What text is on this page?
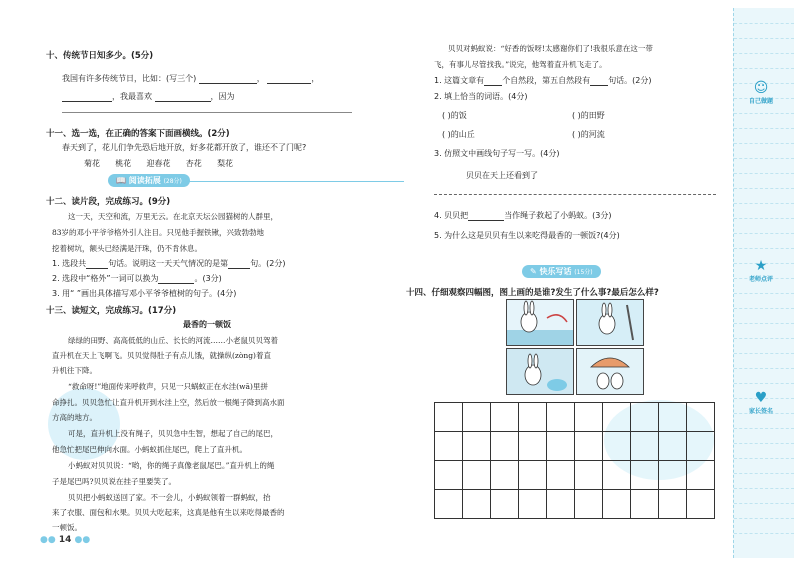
十、传统节日知多少。(5分)
我国有许多传统节日，比如：(写三个)	，	，
，我最喜欢	，因为
十一、选一选，在正确的答案下面画横线。(2分)
春天到了，花儿们争先恐后地开放，好多花都开放了，谁还不了门呢?
菊花 桃花 迎春花 杏花 梨花
📖 阅读拓展 (28分)
十二、读片段，完成练习。(9分)
这一天，天空和流，万里无云。在北京天坛公园猫树的人群里，
83岁的邓小平爷爷格外引人注目。只见他手握铁锹，兴致勃勃地
挖着树坑，额头已经满是汗珠，仍不肯休息。
1. 选段共	句话。说明这一天天气情况的是第	句。(2分)
2. 选段中“格外”一词可以换为	。(3分)
3. 用“ ”画出具体描写邓小平爷爷植树的句子。(4分)
十三、读短文，完成练习。(17分)
最香的一顿饭
绿绿的田野、高高低低的山丘、长长的河流……小老鼠贝贝驾着
直升机在天上飞啊飞。贝贝觉得肚子有点儿饿，就操纵(zòng)着直
升机往下降。
“救命呀!”地面传来呼救声，只见一只蜗蚁正在水洼(wā)里拼
命挣扎。贝贝急忙让直升机开到水洼上空，然后放一根绳子降到高水面
方高的地方。
可是，直升机上没有绳子，贝贝急中生智，想起了自己的尾巴，
他急忙把尾巴伸向水面。小蚂蚁抓住尾巴，爬上了直升机。
小蚂蚁对贝贝说：“哟，你的绳子真像老鼠尾巴。”直升机上的绳
子是尾巴吗?贝贝说在挂子里要笑了。
贝贝把小蚂蚁送回了家。不一会儿，小蚂蚁领着一群蚂蚁，抬
来了衣服、面包和水果。贝贝大吃起来，这真是他有生以来吃得最香的
一顿饭。
●● 14 ●●
贝贝对蚂蚁说：“好香的饭呀!太感谢你们了!我很乐意在这一带
飞，有事儿尽管找我。”说完，他驾着直升机飞走了。
1. 这篇文章有 个自然段，第五自然段有 句话。(2分)
2. 填上恰当的词语。(4分)
( )的饭	( )的田野
( )的山丘	( )的河流
3. 仿照文中画线句子写一写。(4分)
贝贝在天上还看到了
4. 贝贝把	当作绳子救起了小蚂蚁。(3分)
5. 为什么这是贝贝有生以来吃得最香的一顿饭?(4分)
✎ 快乐写话 (15分)
十四、仔细观察四幅图，图上画的是谁?发生了什么事?最后怎么样?
☺
自己做题
★
老师点评
♥
家长签名
